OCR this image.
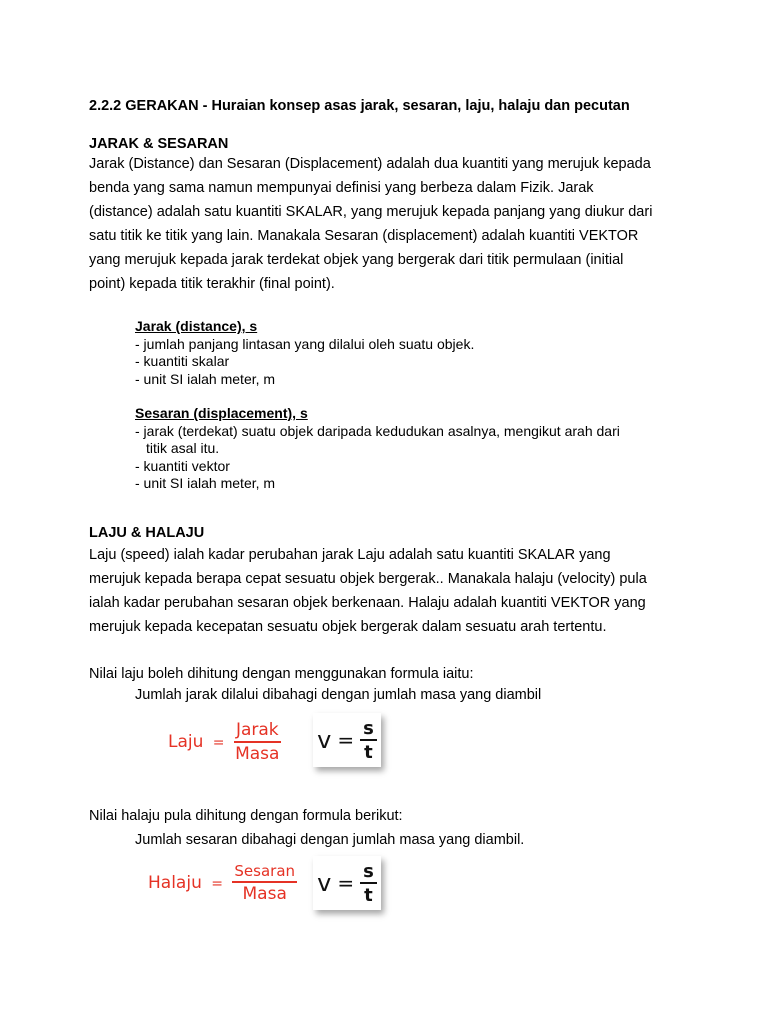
2.2.2 GERAKAN - Huraian konsep asas jarak, sesaran, laju, halaju dan pecutan
JARAK & SESARAN

Jarak (Distance) dan Sesaran (Displacement) adalah dua kuantiti yang merujuk kepada

benda yang sama namun mempunyai definisi yang berbeza dalam Fizik. Jarak

(distance) adalah satu kuantiti SKALAR, yang merujuk kepada panjang yang diukur dari

satu titik ke titik yang lain. Manakala Sesaran (displacement) adalah kuantiti VEKTOR

yang merujuk kepada jarak terdekat objek yang bergerak dari titik permulaan (initial

point) kepada titik terakhir (final point).

Jarak (distance), s
- jumlah panjang lintasan yang dilalui oleh suatu objek.
- kuantiti skalar
- unit SI ialah meter, m
Sesaran (displacement), s
- jarak (terdekat) suatu objek daripada kedudukan asalnya, mengikut arah dari
titik asal itu.
- kuantiti vektor
- unit SI ialah meter, m
LAJU & HALAJU

Laju (speed) ialah kadar perubahan jarak Laju adalah satu kuantiti SKALAR yang

merujuk kepada berapa cepat sesuatu objek bergerak.. Manakala halaju (velocity) pula

ialah kadar perubahan sesaran objek berkenaan. Halaju adalah kuantiti VEKTOR yang

merujuk kepada kecepatan sesuatu objek bergerak dalam sesuatu arah tertentu.

Nilai laju boleh dihitung dengan menggunakan formula iaitu:
Jumlah jarak dilalui dibahagi dengan jumlah masa yang diambil
Laju = $\frac{\text{Jarak}}{\text{Masa}}$ $v = \frac{s}{t}$
Nilai halaju pula dihitung dengan formula berikut:
Jumlah sesaran dibahagi dengan jumlah masa yang diambil.
Halaju = $\frac{\text{Sesaran}}{\text{Masa}}$ $v = \frac{s}{t}$
